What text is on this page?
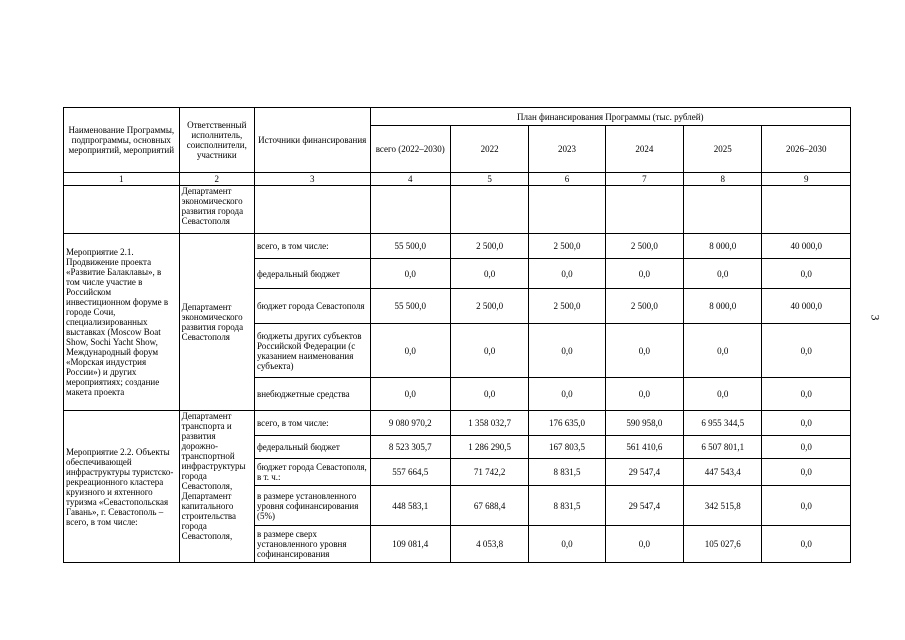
3
Наименование Программы, подпрограммы, основных мероприятий, мероприятий	Ответственный исполнитель, соисполнители, участники	Источники финансирования	План финансирования Программы (тыс. рублей)					
			всего (2022–2030)	2022	2023	2024	2025	2026–2030
1	2	3	4	5	6	7	8	9
	Департамент экономического развития города Севастополя							
Мероприятие 2.1. Продвижение проекта «Развитие Балаклавы», в том числе участие в Российском инвестиционном форуме в городе Сочи, специализированных выставках (Moscow Boat Show, Sochi Yacht Show, Международный форум «Морская индустрия России») и других мероприятиях; создание макета проекта	Департамент экономического развития города Севастополя	всего, в том числе:	55 500,0	2 500,0	2 500,0	2 500,0	8 000,0	40 000,0
		федеральный бюджет	0,0	0,0	0,0	0,0	0,0	0,0
		бюджет города Севастополя	55 500,0	2 500,0	2 500,0	2 500,0	8 000,0	40 000,0
		бюджеты других субъектов Российской Федерации (с указанием наименования субъекта)	0,0	0,0	0,0	0,0	0,0	0,0
		внебюджетные средства	0,0	0,0	0,0	0,0	0,0	0,0
Мероприятие 2.2. Объекты обеспечивающей инфраструктуры туристско-рекреационного кластера круизного и яхтенного туризма «Севастопольская Гавань», г. Севастополь – всего, в том числе:	Департамент транспорта и развития дорожно-транспортной инфраструктуры города Севастополя, Департамент капитального строительства города Севастополя,	всего, в том числе:	9 080 970,2	1 358 032,7	176 635,0	590 958,0	6 955 344,5	0,0
		федеральный бюджет	8 523 305,7	1 286 290,5	167 803,5	561 410,6	6 507 801,1	0,0
		бюджет города Севастополя, в т. ч.:	557 664,5	71 742,2	8 831,5	29 547,4	447 543,4	0,0
		в размере установленного уровня софинансирования (5%)	448 583,1	67 688,4	8 831,5	29 547,4	342 515,8	0,0
		в размере сверх установленного уровня софинансирования	109 081,4	4 053,8	0,0	0,0	105 027,6	0,0
